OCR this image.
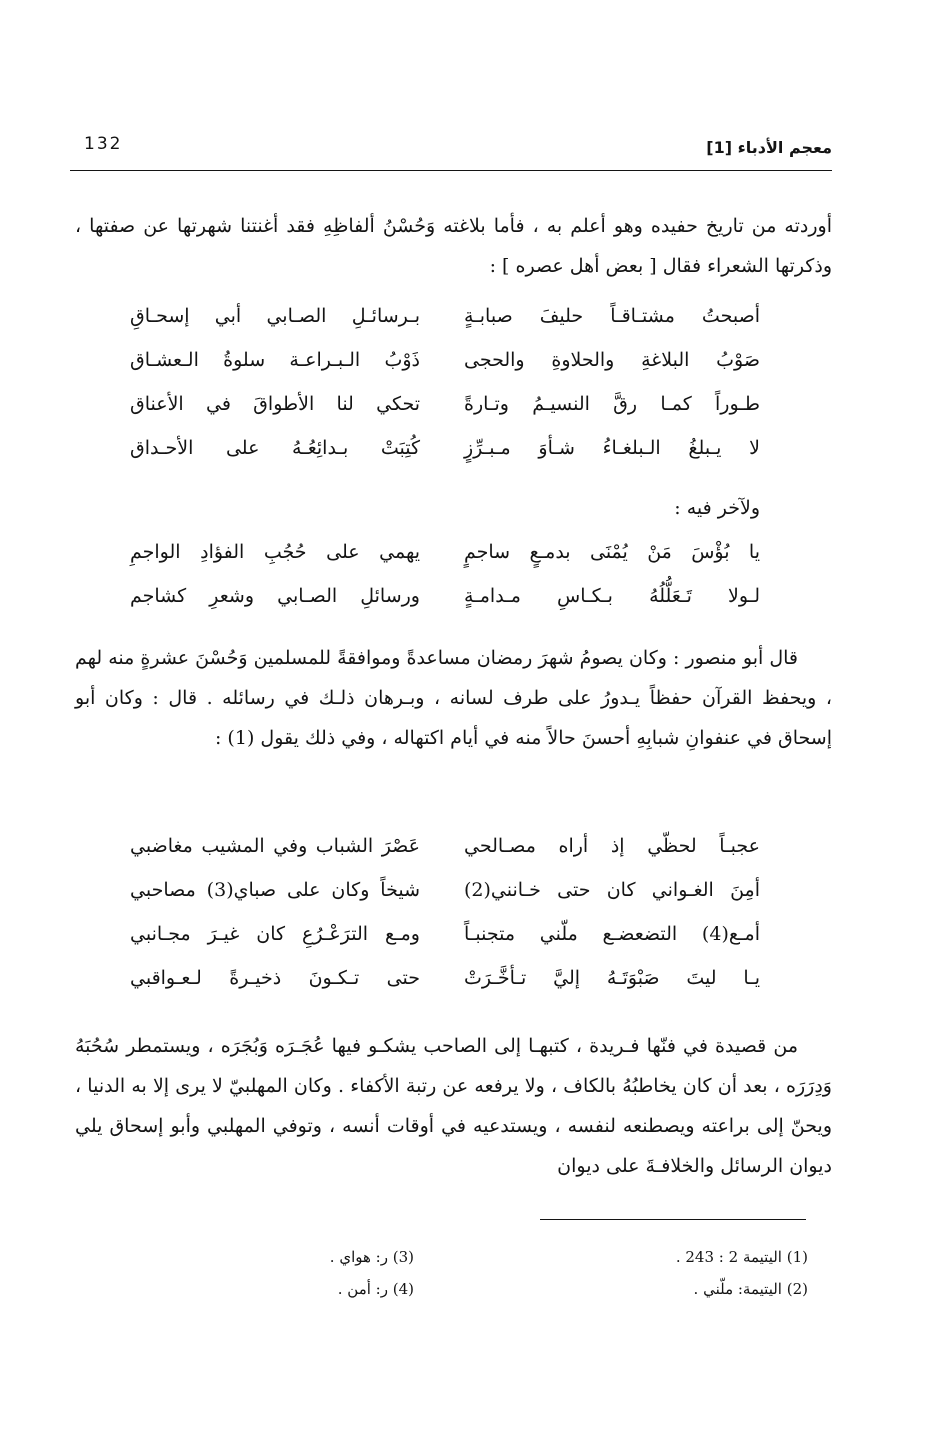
132	معجم الأدباء [1]

أوردته من تاريخ حفيده وهو أعلم به ، فأما بلاغته وَحُسْنُ ألفاظِهِ فقد أغنتنا شهرتها عن صفتها ، وذكرتها الشعراء فقال [ بعض أهل عصره ] :

أصبحتُ مشتـاقـاً حليفَ صبابـةٍ
بـرسائـلِ الصـابي أبي إسحـاقِ
صَوْبُ البلاغةِ والحلاوةِ والحجى
ذَوْبُ الـبـراعـة سلوةُ الـعشـاق
طـوراً كمـا رقَّ النسيـمُ وتـارةً
تحكي لنا الأطواقَ في الأعناق
لا يـبلغُ الـبلغـاءُ شـأوَ مـبـرِّزٍ
كُتِبَتْ بـدائِعُـهُ على الأحـداق
ولآخر فيه :
يا بُؤْسَ مَنْ يُمْنَى بدمـعٍ ساجمٍ
يهمي على حُجُبِ الفؤادِ الواجمِ
لـولا تَـعَلُّلُهُ بـكـاسِ مـدامـةٍ
ورسائلِ الصـابي وشعرِ كشاجم

قال أبو منصور : وكان يصومُ شهرَ رمضان مساعدةً وموافقةً للمسلمين وَحُسْنَ عشرةٍ منه لهم ، ويحفظ القرآن حفظاً يـدورُ على طرف لسانه ، وبـرهان ذلـك في رسائله . قال : وكان أبو إسحاق في عنفوانِ شبابِهِ أحسنَ حالاً منه في أيام اكتهاله ، وفي ذلك يقول (1) :

عجبـاً لحظّي إذ أراه مصـالحي
عَصْرَ الشباب وفي المشيب مغاضبي
أمِنَ الغـواني كان حتى خـانني(2)
شيخاً وكان على صباي(3) مصاحبي
أمـع(4) التضعضـع ملّني متجنبـاً
ومـع الترَعْـرُعِ كان غيـرَ مجـانبي
يـا ليتَ صَبْوَتَـهُ إليَّ تـأخَّـرَتْ
حتى تـكـونَ ذخيـرةً لـعـواقبي

من قصيدة في فنّها فـريدة ، كتبهـا إلى الصاحب يشكـو فيها عُجَـرَه وَبُجَرَه ، ويستمطر سُحُبَهُ وَدِرَرَه ، بعد أن كان يخاطبُهُ بالكاف ، ولا يرفعه عن رتبة الأكفاء . وكان المهلبيّ لا يرى إلا به الدنيا ، ويحنّ إلى براعته ويصطنعه لنفسه ، ويستدعيه في أوقات أنسه ، وتوفي المهلبي وأبو إسحاق يلي ديوان الرسائل والخلافـةَ على ديوان

(1) اليتيمة 2 : 243 .
(2) اليتيمة: ملّني .
(3) ر: هواي .
(4) ر: أمن .
